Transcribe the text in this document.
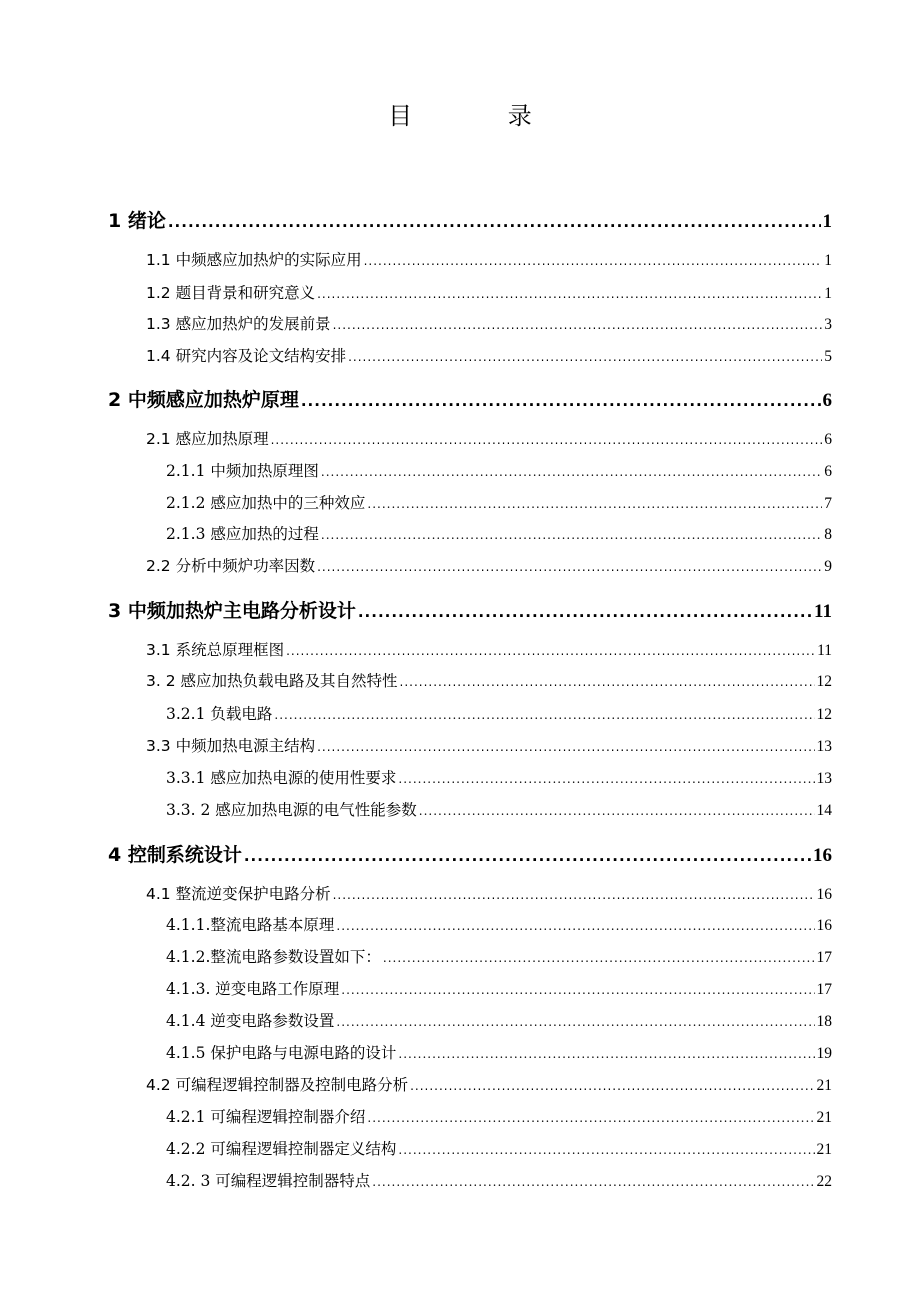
目 录
1 绪论 .....	1
1.1 中频感应加热炉的实际应用 .....	1
1.2 题目背景和研究意义 .....	1
1.3 感应加热炉的发展前景 .....	3
1.4 研究内容及论文结构安排 .....	5
2 中频感应加热炉原理 .....	6
2.1 感应加热原理 .....	6
2.1.1 中频加热原理图 .....	6
2.1.2 感应加热中的三种效应 .....	7
2.1.3 感应加热的过程 .....	8
2.2 分析中频炉功率因数 .....	9
3 中频加热炉主电路分析设计 .....	11
3.1 系统总原理框图 .....	11
3. 2 感应加热负载电路及其自然特性 .....	12
3.2.1 负载电路 .....	12
3.3 中频加热电源主结构 .....	13
3.3.1 感应加热电源的使用性要求 .....	13
3.3. 2 感应加热电源的电气性能参数 .....	14
4 控制系统设计 .....	16
4.1 整流逆变保护电路分析 .....	16
4.1.1.整流电路基本原理 .....	16
4.1.2.整流电路参数设置如下： .....	17
4.1.3. 逆变电路工作原理 .....	17
4.1.4 逆变电路参数设置 .....	18
4.1.5 保护电路与电源电路的设计 .....	19
4.2 可编程逻辑控制器及控制电路分析 .....	21
4.2.1 可编程逻辑控制器介绍 .....	21
4.2.2 可编程逻辑控制器定义结构 .....	21
4.2. 3 可编程逻辑控制器特点 .....	22
